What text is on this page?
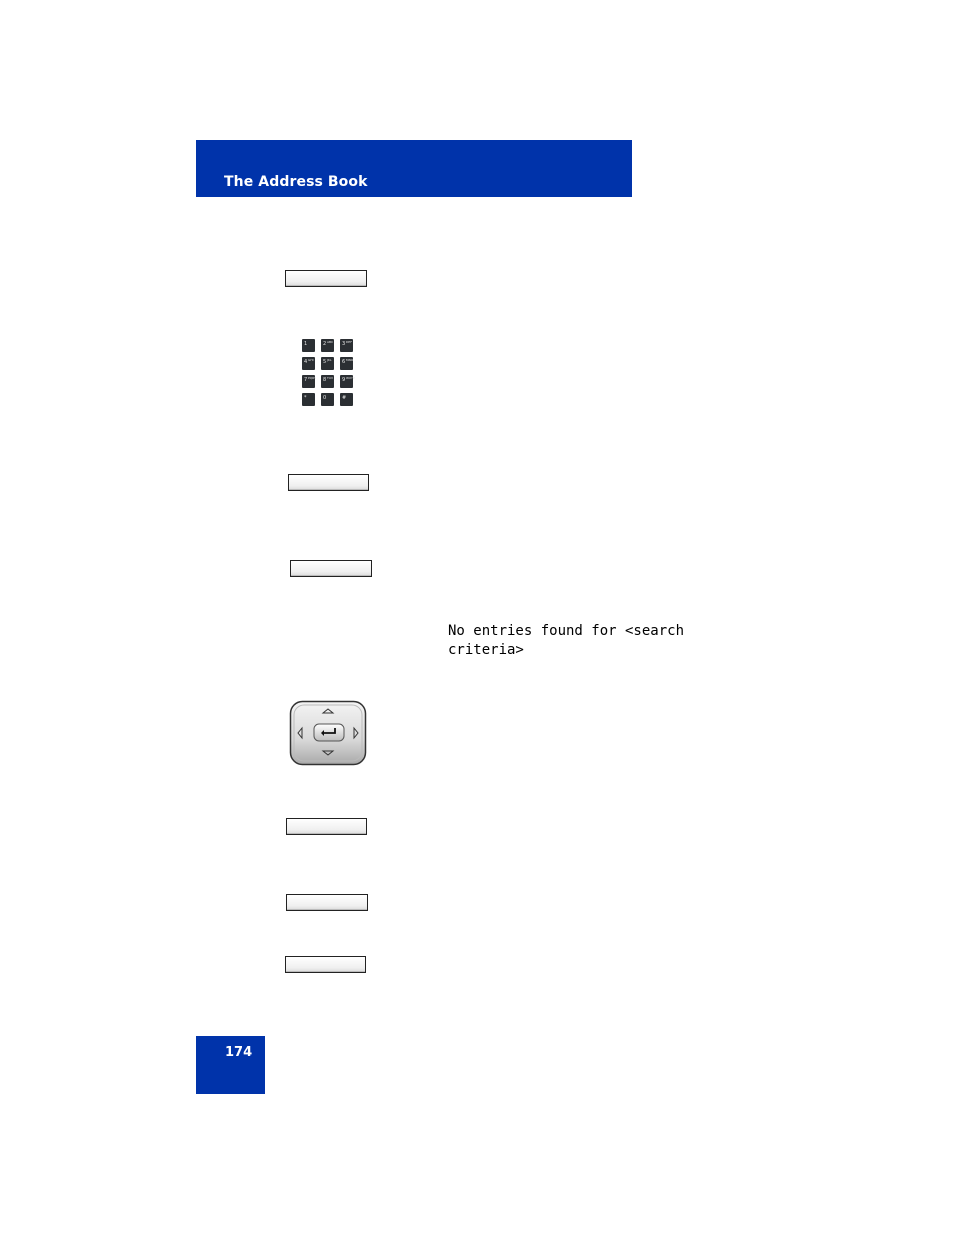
The Address Book
1	2 ABC 3 DEF
4 GHI 5 JKL 6 MNO
7 PQRS 8 TUV 9 WXYZ
*	0	#
No entries found for <search
criteria>
174
